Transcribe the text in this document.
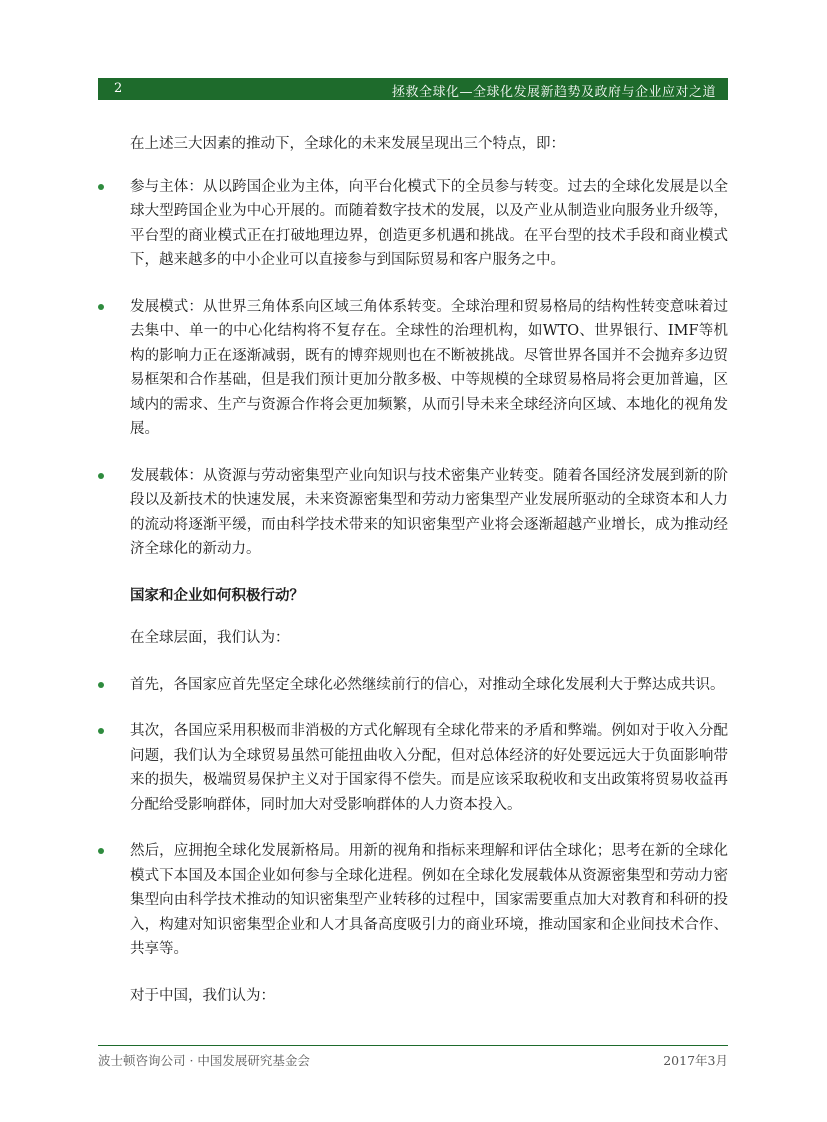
2	拯救全球化—全球化发展新趋势及政府与企业应对之道

在上述三大因素的推动下，全球化的未来发展呈现出三个特点，即：

参与主体：从以跨国企业为主体，向平台化模式下的全员参与转变。过去的全球化发展是以全球大型跨国企业为中心开展的。而随着数字技术的发展，以及产业从制造业向服务业升级等，平台型的商业模式正在打破地理边界，创造更多机遇和挑战。在平台型的技术手段和商业模式下，越来越多的中小企业可以直接参与到国际贸易和客户服务之中。
发展模式：从世界三角体系向区域三角体系转变。全球治理和贸易格局的结构性转变意味着过去集中、单一的中心化结构将不复存在。全球性的治理机构，如WTO、世界银行、IMF等机构的影响力正在逐渐减弱，既有的博弈规则也在不断被挑战。尽管世界各国并不会抛弃多边贸易框架和合作基础，但是我们预计更加分散多极、中等规模的全球贸易格局将会更加普遍，区域内的需求、生产与资源合作将会更加频繁，从而引导未来全球经济向区域、本地化的视角发展。
发展载体：从资源与劳动密集型产业向知识与技术密集产业转变。随着各国经济发展到新的阶段以及新技术的快速发展，未来资源密集型和劳动力密集型产业发展所驱动的全球资本和人力的流动将逐渐平缓，而由科学技术带来的知识密集型产业将会逐渐超越产业增长，成为推动经济全球化的新动力。

国家和企业如何积极行动？

在全球层面，我们认为：

首先，各国家应首先坚定全球化必然继续前行的信心，对推动全球化发展利大于弊达成共识。
其次，各国应采用积极而非消极的方式化解现有全球化带来的矛盾和弊端。例如对于收入分配问题，我们认为全球贸易虽然可能扭曲收入分配，但对总体经济的好处要远远大于负面影响带来的损失，极端贸易保护主义对于国家得不偿失。而是应该采取税收和支出政策将贸易收益再分配给受影响群体，同时加大对受影响群体的人力资本投入。
然后，应拥抱全球化发展新格局。用新的视角和指标来理解和评估全球化；思考在新的全球化模式下本国及本国企业如何参与全球化进程。例如在全球化发展载体从资源密集型和劳动力密集型向由科学技术推动的知识密集型产业转移的过程中，国家需要重点加大对教育和科研的投入，构建对知识密集型企业和人才具备高度吸引力的商业环境，推动国家和企业间技术合作、共享等。

对于中国，我们认为：

波士顿咨询公司 · 中国发展研究基金会	2017年3月
